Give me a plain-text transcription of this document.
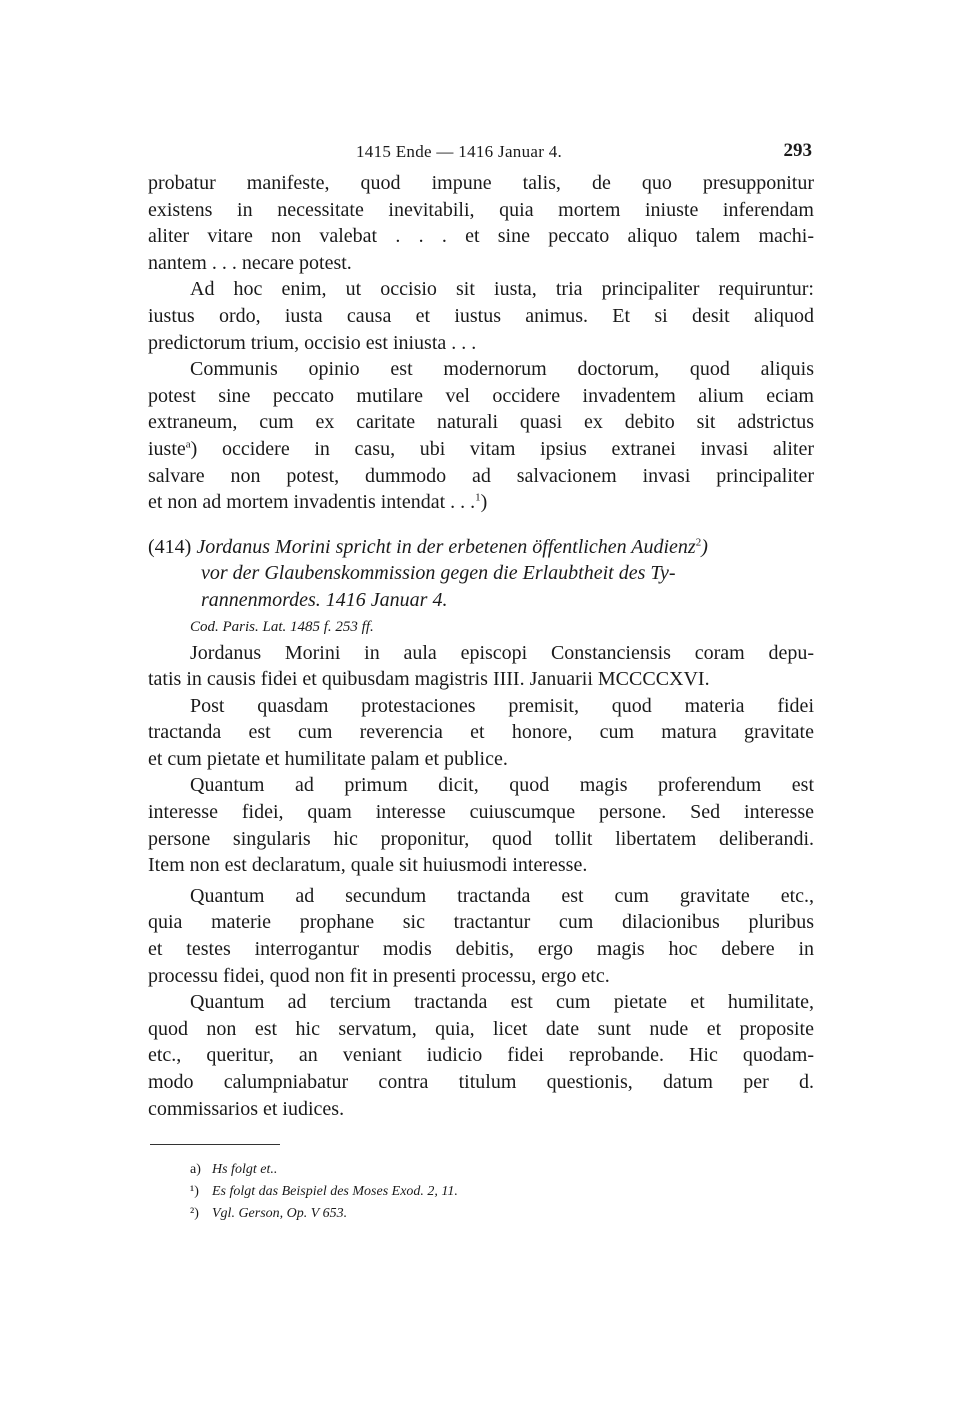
1415 Ende — 1416 Januar 4.	293
probatur manifeste, quod impune talis, de quo presupponitur
existens in necessitate inevitabili, quia mortem iniuste inferendam
aliter vitare non valebat . . . et sine peccato aliquo talem machi-
nantem . . . necare potest.
Ad hoc enim, ut occisio sit iusta, tria principaliter requiruntur:
iustus ordo, iusta causa et iustus animus. Et si desit aliquod
predictorum trium, occisio est iniusta . . .
Communis opinio est modernorum doctorum, quod aliquis
potest sine peccato mutilare vel occidere invadentem alium eciam
extraneum, cum ex caritate naturali quasi ex debito sit adstrictus
iuste$^a$) occidere in casu, ubi vitam ipsius extranei invasi aliter
salvare non potest, dummodo ad salvacionem invasi principaliter
et non ad mortem invadentis intendat . . .$^1$)
(414) Jordanus Morini spricht in der erbetenen öffentlichen Audienz$^2$)
vor der Glaubenskommission gegen die Erlaubtheit des Ty-
rannenmordes. 1416 Januar 4.
Cod. Paris. Lat. 1485 f. 253 ff.
Jordanus Morini in aula episcopi Constanciensis coram depu-
tatis in causis fidei et quibusdam magistris IIII. Januarii MCCCCXVI.
Post quasdam protestaciones premisit, quod materia fidei
tractanda est cum reverencia et honore, cum matura gravitate
et cum pietate et humilitate palam et publice.
Quantum ad primum dicit, quod magis proferendum est
interesse fidei, quam interesse cuiuscumque persone. Sed interesse
persone singularis hic proponitur, quod tollit libertatem deliberandi.
Item non est declaratum, quale sit huiusmodi interesse.
Quantum ad secundum tractanda est cum gravitate etc.,
quia materie prophane sic tractantur cum dilacionibus pluribus
et testes interrogantur modis debitis, ergo magis hoc debere in
processu fidei, quod non fit in presenti processu, ergo etc.
Quantum ad tercium tractanda est cum pietate et humilitate,
quod non est hic servatum, quia, licet date sunt nude et proposite
etc., queritur, an veniant iudicio fidei reprobande. Hic quodam-
modo calumpniabatur contra titulum questionis, datum per d.
commissarios et iudices.
a) Hs folgt et..
¹) Es folgt das Beispiel des Moses Exod. 2, 11.
²) Vgl. Gerson, Op. V 653.
